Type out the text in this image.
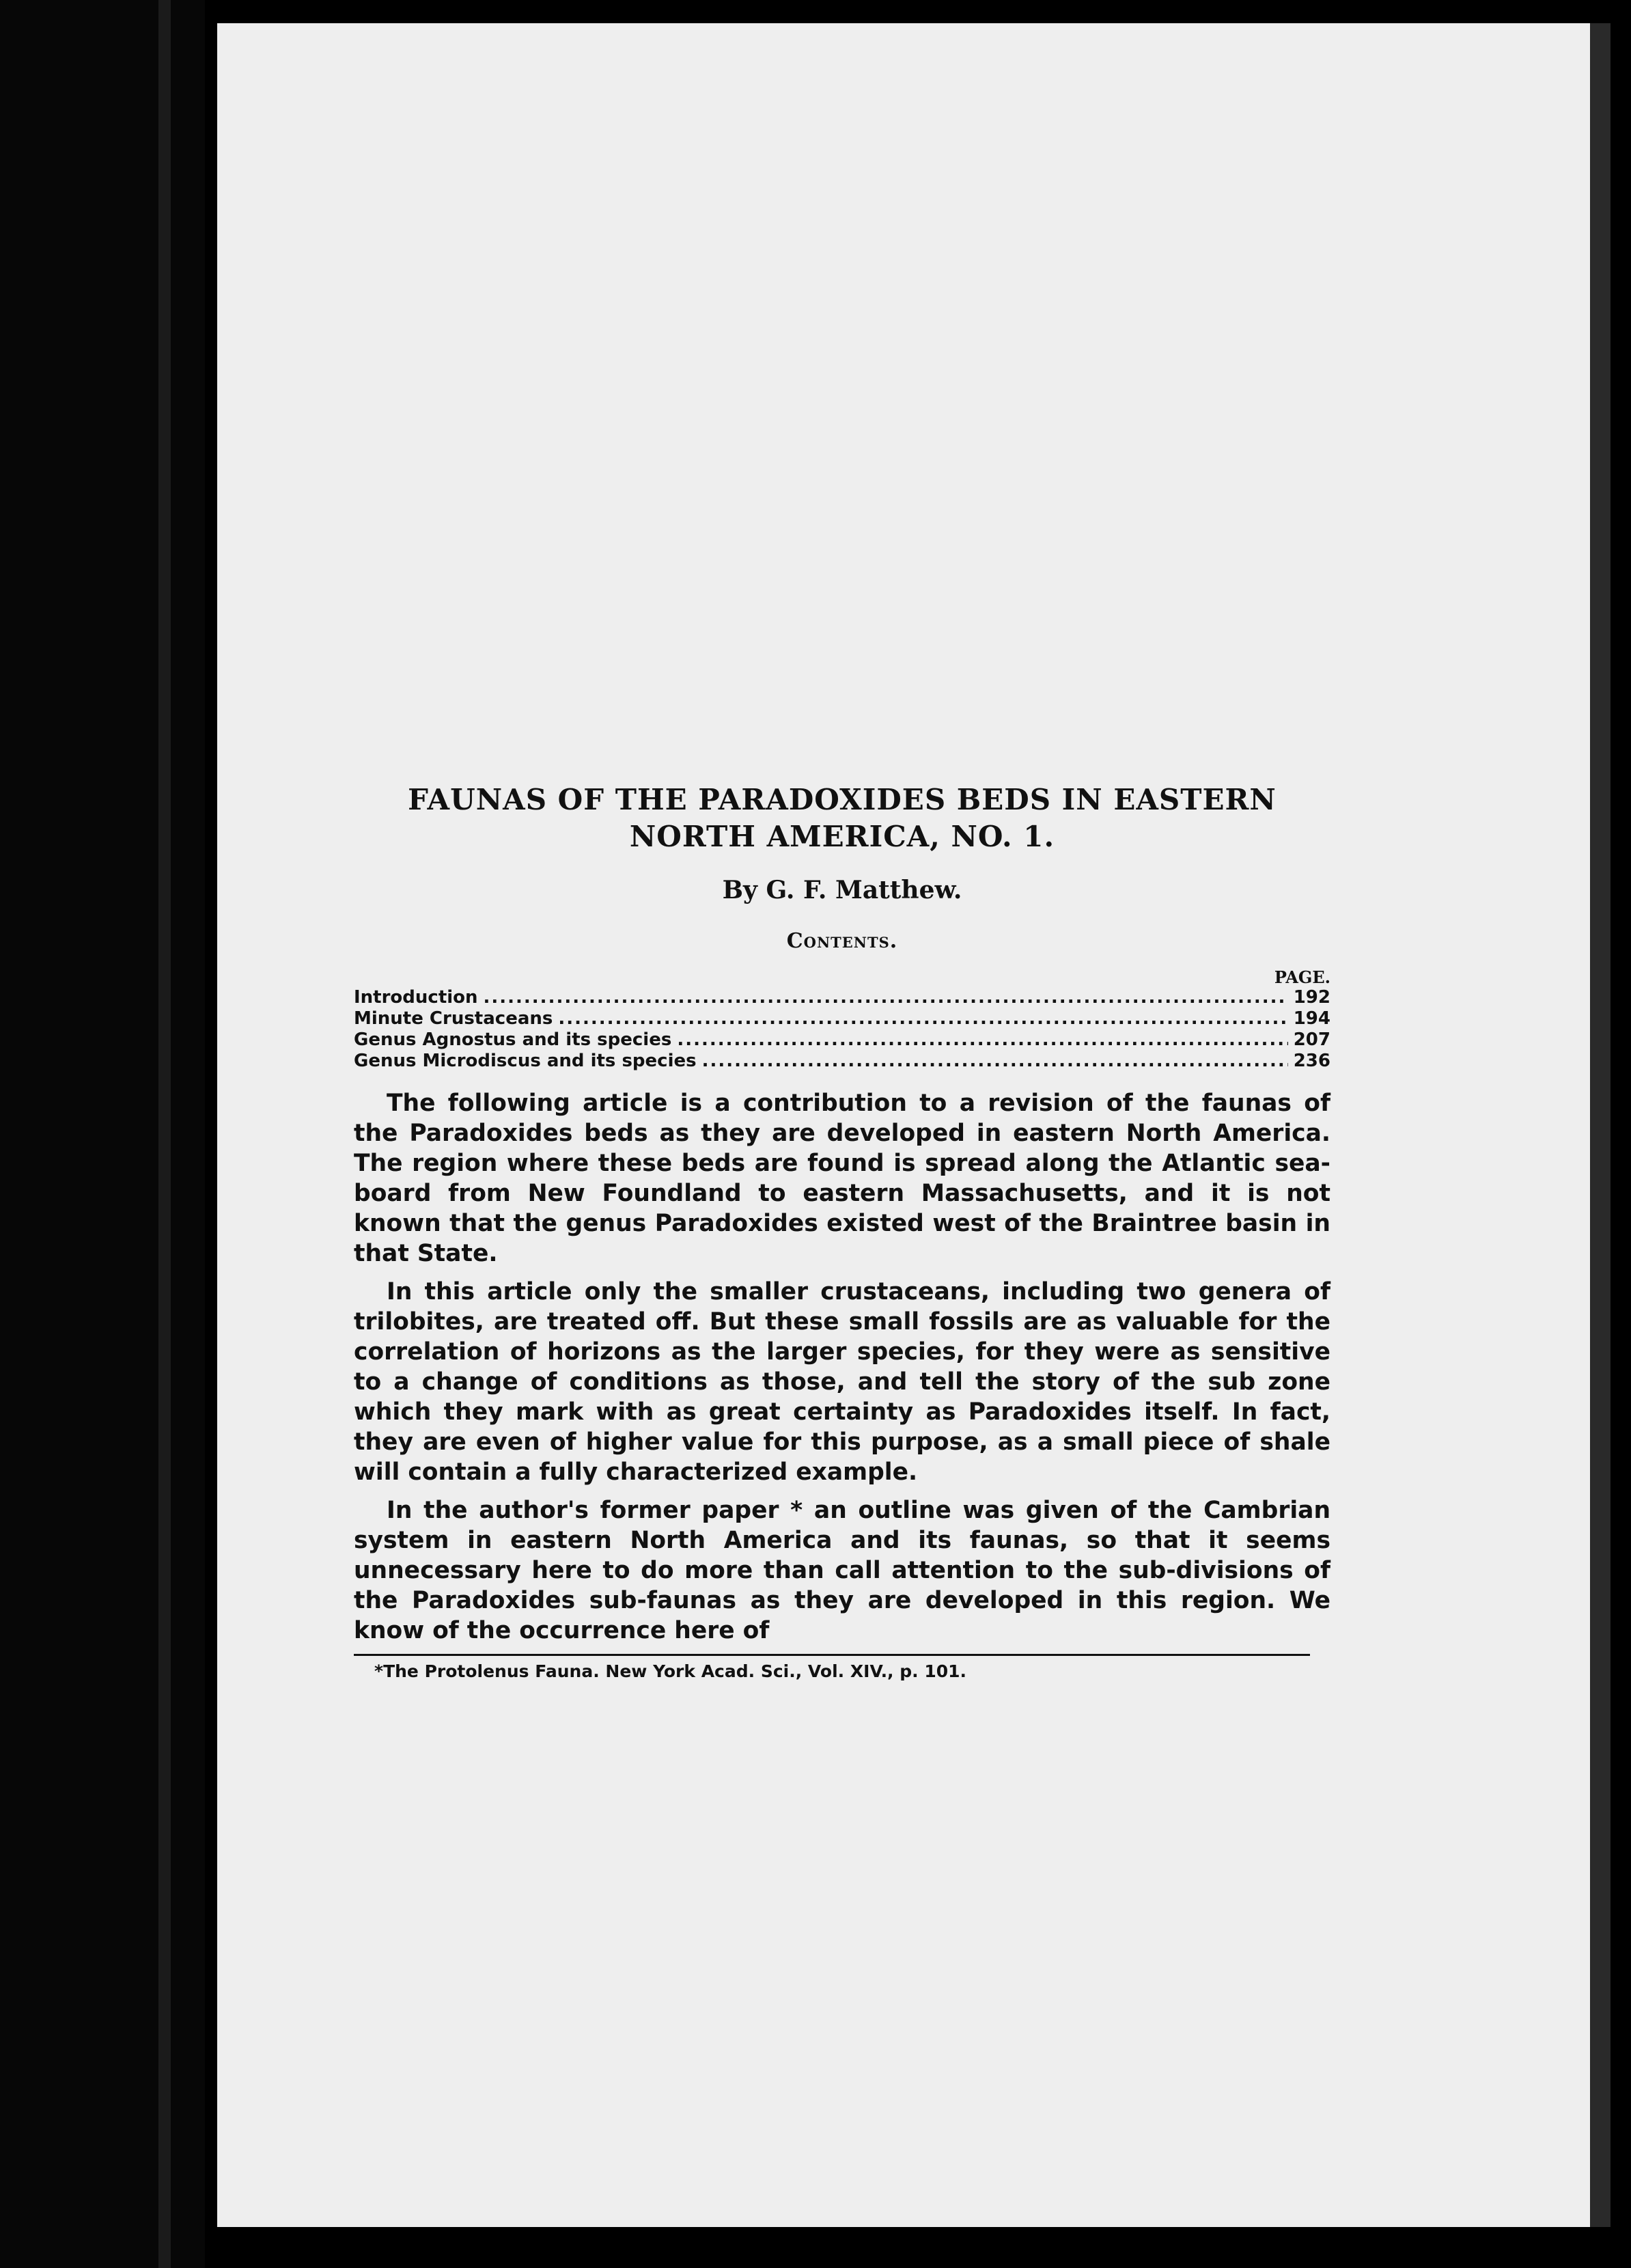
FAUNAS OF THE PARADOXIDES BEDS IN EASTERN
NORTH AMERICA, NO. 1.
By G. F. Matthew.
Contents.
PAGE.
Introduction .....	192
Minute Crustaceans .....	194
Genus Agnostus and its species .....	207
Genus Microdiscus and its species .....	236

The following article is a contribution to a revision of the faunas of the Paradoxides beds as they are developed in eastern North America. The region where these beds are found is spread along the Atlantic sea-board from New Foundland to eastern Massachusetts, and it is not known that the genus Paradoxides existed west of the Braintree basin in that State.

In this article only the smaller crustaceans, including two genera of trilobites, are treated off. But these small fossils are as valuable for the correlation of horizons as the larger species, for they were as sensitive to a change of conditions as those, and tell the story of the sub zone which they mark with as great certainty as Paradoxides itself. In fact, they are even of higher value for this purpose, as a small piece of shale will contain a fully characterized example.

In the author's former paper * an outline was given of the Cambrian system in eastern North America and its faunas, so that it seems unnecessary here to do more than call attention to the sub-divisions of the Paradoxides sub-faunas as they are developed in this region. We know of the occurrence here of

*The Protolenus Fauna. New York Acad. Sci., Vol. XIV., p. 101.
